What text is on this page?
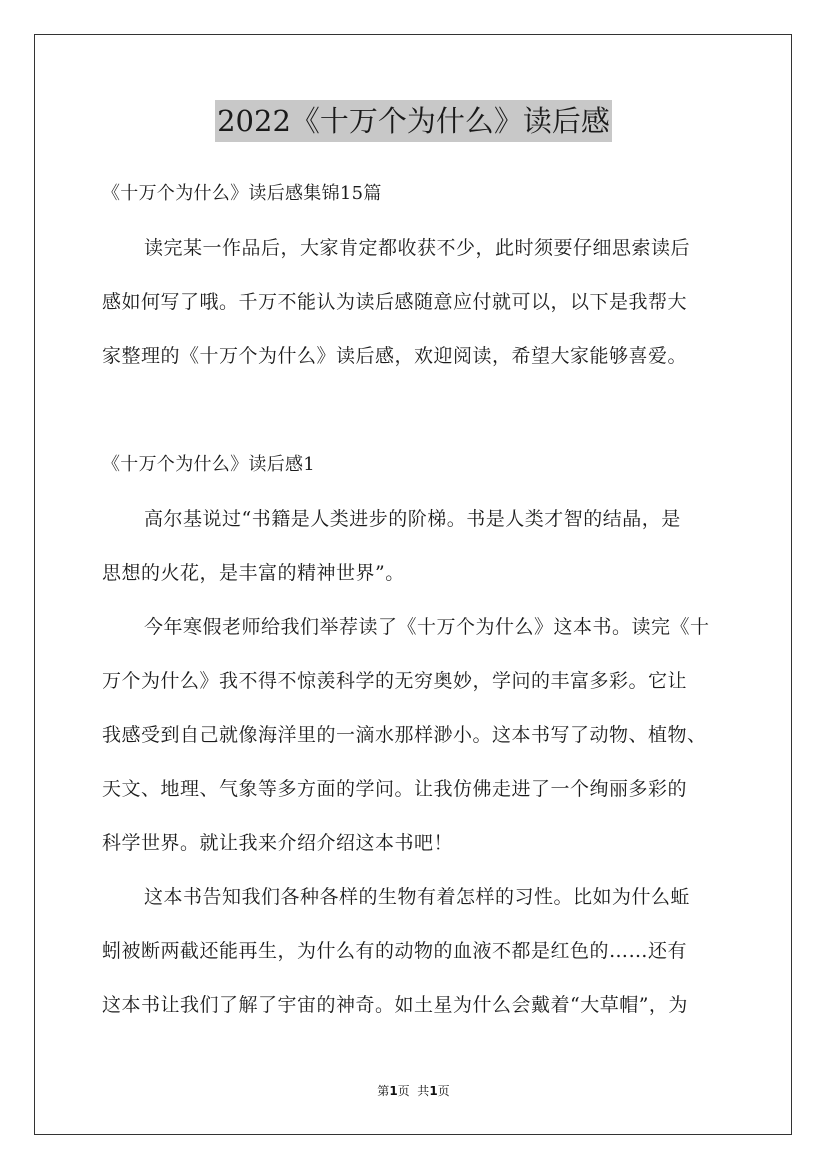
2022《十万个为什么》读后感
《十万个为什么》读后感集锦15篇
读完某一作品后，大家肯定都收获不少，此时须要仔细思索读后
感如何写了哦。千万不能认为读后感随意应付就可以，以下是我帮大
家整理的《十万个为什么》读后感，欢迎阅读，希望大家能够喜爱。
《十万个为什么》读后感1
高尔基说过“书籍是人类进步的阶梯。书是人类才智的结晶，是
思想的火花，是丰富的精神世界”。
今年寒假老师给我们举荐读了《十万个为什么》这本书。读完《十
万个为什么》我不得不惊羡科学的无穷奥妙，学问的丰富多彩。它让
我感受到自己就像海洋里的一滴水那样渺小。这本书写了动物、植物、
天文、地理、气象等多方面的学问。让我仿佛走进了一个绚丽多彩的
科学世界。就让我来介绍介绍这本书吧！
这本书告知我们各种各样的生物有着怎样的习性。比如为什么蚯
蚓被断两截还能再生，为什么有的动物的血液不都是红色的……还有
这本书让我们了解了宇宙的神奇。如土星为什么会戴着“大草帽”，为
第1页  共1页
